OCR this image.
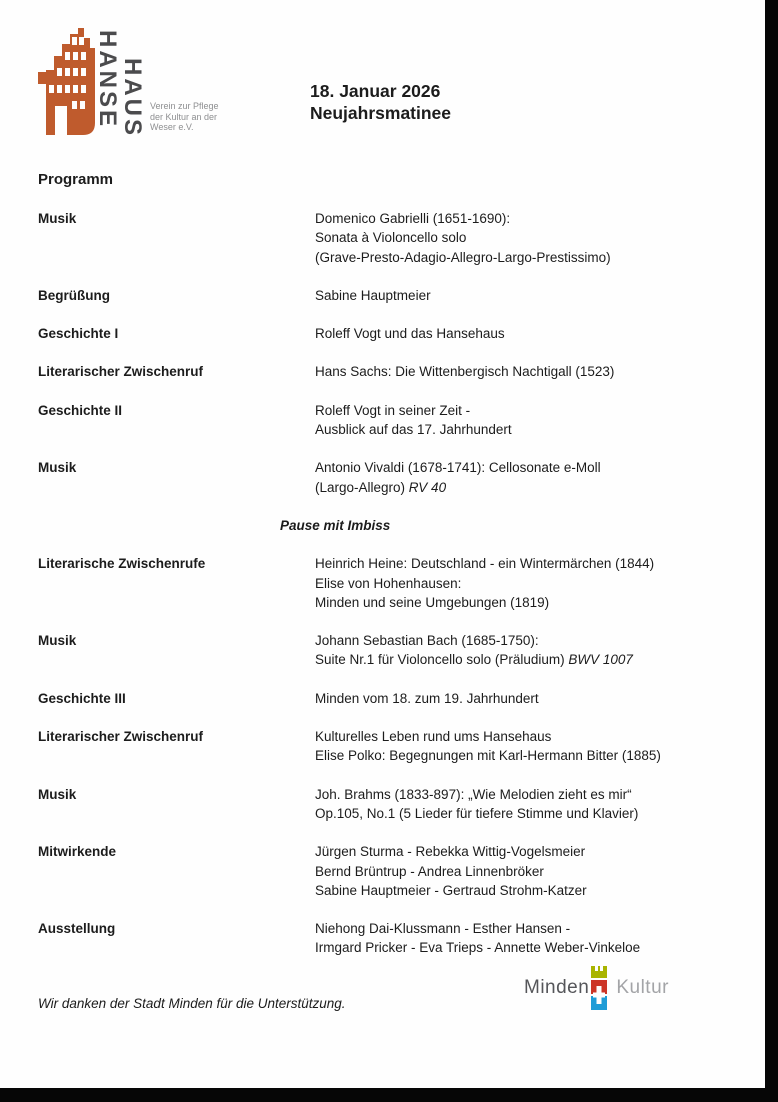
HANSE
HAUS Verein zur Pflege
der Kultur an der
Weser e.V.
18. Januar 2026
Neujahrsmatinee
Programm
Musik	Domenico Gabrielli (1651-1690):
Sonata à Violoncello solo
(Grave-Presto-Adagio-Allegro-Largo-Prestissimo)
Begrüßung	Sabine Hauptmeier
Geschichte I	Roleff Vogt und das Hansehaus
Literarischer Zwischenruf	Hans Sachs: Die Wittenbergisch Nachtigall (1523)
Geschichte II	Roleff Vogt in seiner Zeit -
Ausblick auf das 17. Jahrhundert
Musik	Antonio Vivaldi (1678-1741): Cellosonate e-Moll
(Largo-Allegro) RV 40
Pause mit Imbiss
Literarische Zwischenrufe	Heinrich Heine: Deutschland - ein Wintermärchen (1844)
Elise von Hohenhausen:
Minden und seine Umgebungen (1819)
Musik	Johann Sebastian Bach (1685-1750):
Suite Nr.1 für Violoncello solo (Präludium) BWV 1007
Geschichte III	Minden vom 18. zum 19. Jahrhundert
Literarischer Zwischenruf	Kulturelles Leben rund ums Hansehaus
Elise Polko: Begegnungen mit Karl-Hermann Bitter (1885)
Musik	Joh. Brahms (1833-897): „Wie Melodien zieht es mir“
Op.105, No.1 (5 Lieder für tiefere Stimme und Klavier)
Mitwirkende	Jürgen Sturma - Rebekka Wittig-Vogelsmeier
Bernd Brüntrup - Andrea Linnenbröker
Sabine Hauptmeier - Gertraud Strohm-Katzer
Ausstellung	Niehong Dai-Klussmann - Esther Hansen -
Irmgard Pricker - Eva Trieps - Annette Weber-Vinkeloe
Wir danken der Stadt Minden für die Unterstützung.
Minden Kultur
